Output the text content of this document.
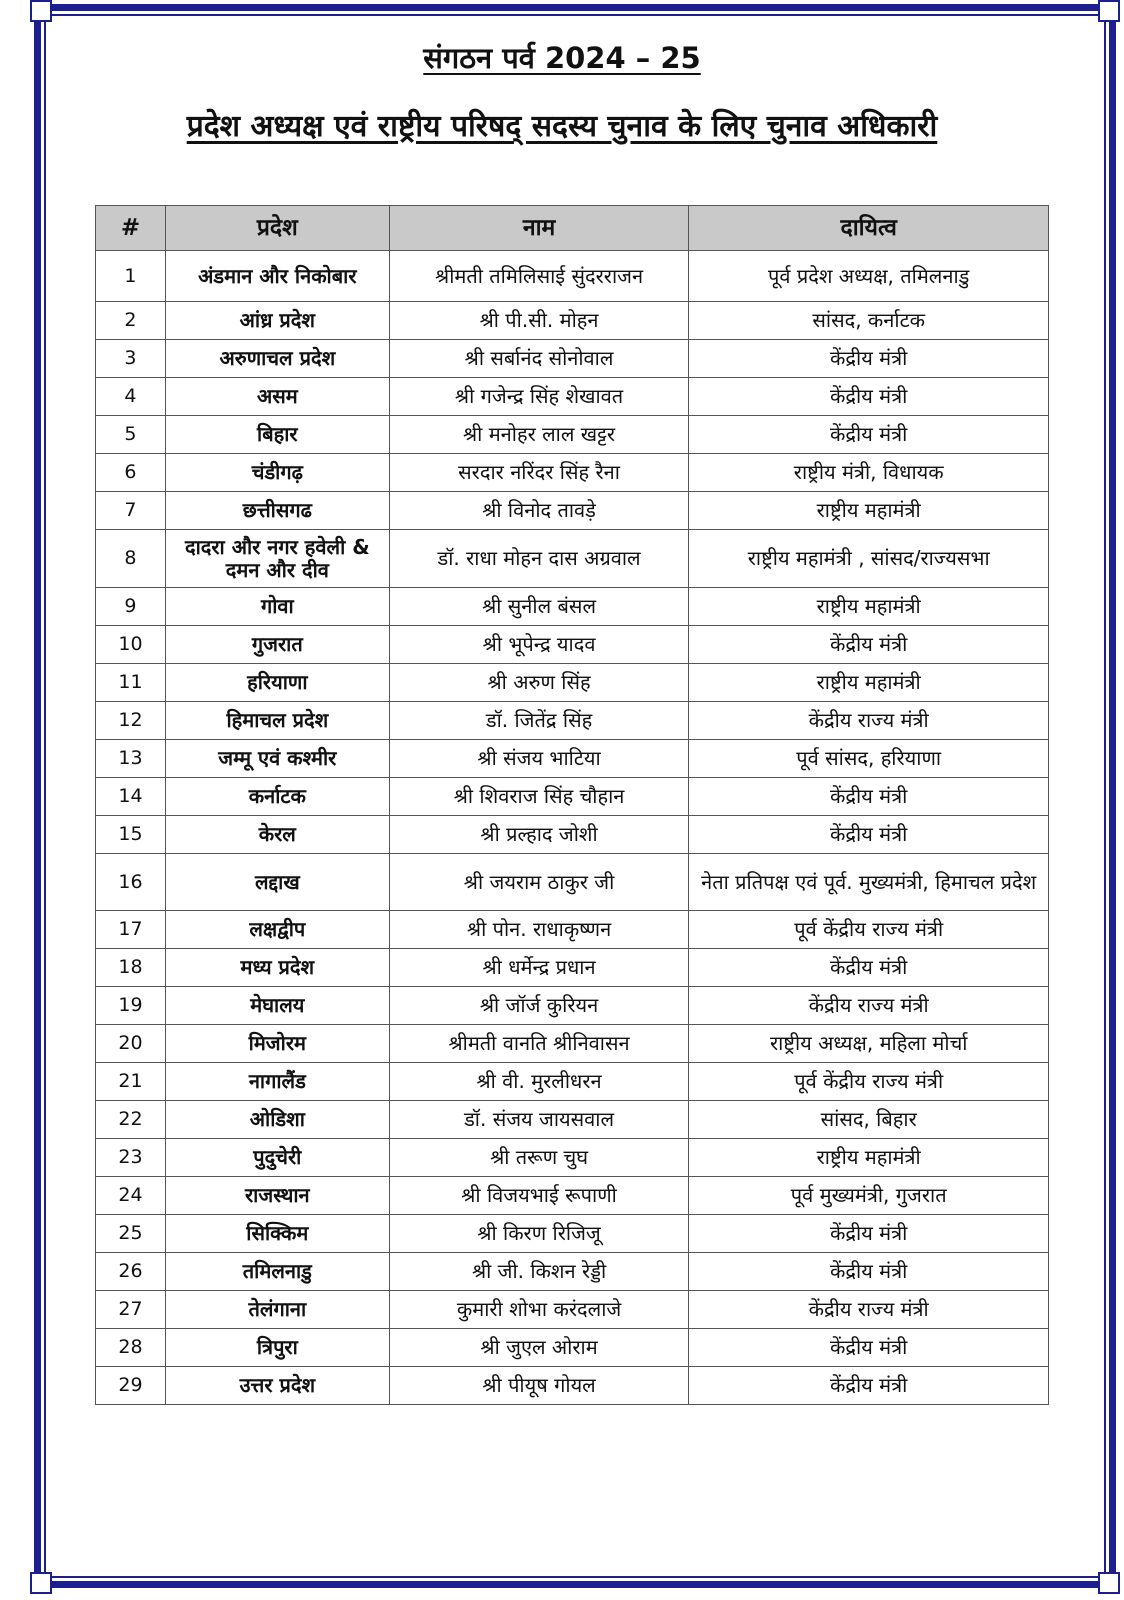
संगठन पर्व 2024 – 25
प्रदेश अध्यक्ष एवं राष्ट्रीय परिषद् सदस्य चुनाव के लिए चुनाव अधिकारी
#	प्रदेश	नाम	दायित्व
1	अंडमान और निकोबार	श्रीमती तमिलिसाई सुंदरराजन	पूर्व प्रदेश अध्यक्ष, तमिलनाडु
2	आंध्र प्रदेश	श्री पी.सी. मोहन	सांसद, कर्नाटक
3	अरुणाचल प्रदेश	श्री सर्बानंद सोनोवाल	केंद्रीय मंत्री
4	असम	श्री गजेन्द्र सिंह शेखावत	केंद्रीय मंत्री
5	बिहार	श्री मनोहर लाल खट्टर	केंद्रीय मंत्री
6	चंडीगढ़	सरदार नरिंदर सिंह रैना	राष्ट्रीय मंत्री, विधायक
7	छत्तीसगढ	श्री विनोद तावड़े	राष्ट्रीय महामंत्री
8	दादरा और नगर हवेली & दमन और दीव	डॉ. राधा मोहन दास अग्रवाल	राष्ट्रीय महामंत्री , सांसद/राज्यसभा
9	गोवा	श्री सुनील बंसल	राष्ट्रीय महामंत्री
10	गुजरात	श्री भूपेन्द्र यादव	केंद्रीय मंत्री
11	हरियाणा	श्री अरुण सिंह	राष्ट्रीय महामंत्री
12	हिमाचल प्रदेश	डॉ. जितेंद्र सिंह	केंद्रीय राज्य मंत्री
13	जम्मू एवं कश्मीर	श्री संजय भाटिया	पूर्व सांसद, हरियाणा
14	कर्नाटक	श्री शिवराज सिंह चौहान	केंद्रीय मंत्री
15	केरल	श्री प्रल्हाद जोशी	केंद्रीय मंत्री
16	लद्दाख	श्री जयराम ठाकुर जी	नेता प्रतिपक्ष एवं पूर्व. मुख्यमंत्री, हिमाचल प्रदेश
17	लक्षद्वीप	श्री पोन. राधाकृष्णन	पूर्व केंद्रीय राज्य मंत्री
18	मध्य प्रदेश	श्री धर्मेन्द्र प्रधान	केंद्रीय मंत्री
19	मेघालय	श्री जॉर्ज कुरियन	केंद्रीय राज्य मंत्री
20	मिजोरम	श्रीमती वानति श्रीनिवासन	राष्ट्रीय अध्यक्ष, महिला मोर्चा
21	नागालैंड	श्री वी. मुरलीधरन	पूर्व केंद्रीय राज्य मंत्री
22	ओडिशा	डॉ. संजय जायसवाल	सांसद, बिहार
23	पुदुचेरी	श्री तरूण चुघ	राष्ट्रीय महामंत्री
24	राजस्थान	श्री विजयभाई रूपाणी	पूर्व मुख्यमंत्री, गुजरात
25	सिक्किम	श्री किरण रिजिजू	केंद्रीय मंत्री
26	तमिलनाडु	श्री जी. किशन रेड्डी	केंद्रीय मंत्री
27	तेलंगाना	कुमारी शोभा करंदलाजे	केंद्रीय राज्य मंत्री
28	त्रिपुरा	श्री जुएल ओराम	केंद्रीय मंत्री
29	उत्तर प्रदेश	श्री पीयूष गोयल	केंद्रीय मंत्री
